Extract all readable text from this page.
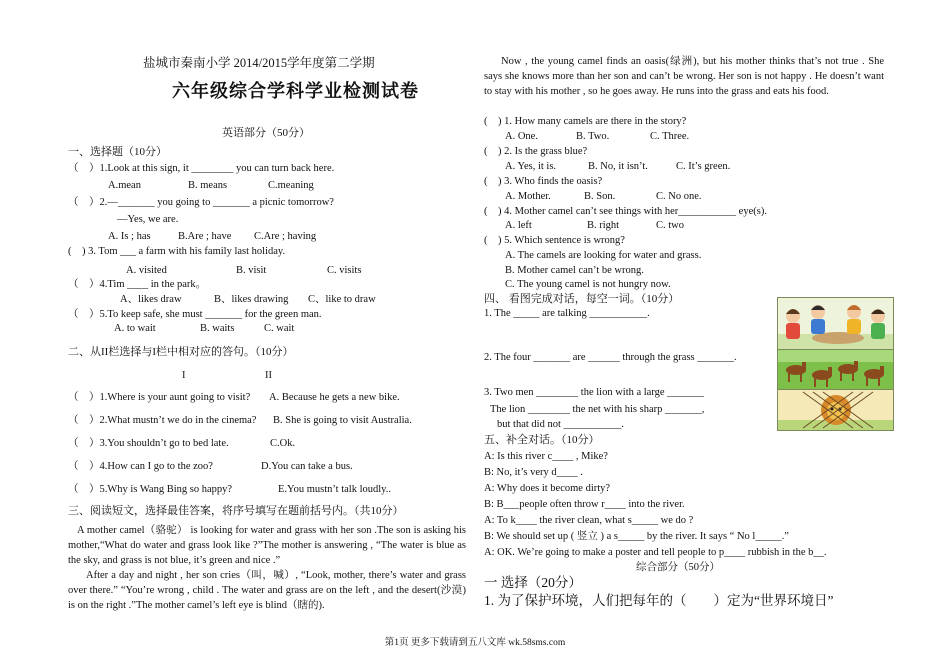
盐城市秦南小学 2014/2015学年度第二学期
六年级综合学科学业检测试卷
英语部分（50分）
一、选择题（10分）
（　）1.Look at this sign, it ________ you can turn back here.
A.mean	B. means	C.meaning
（　）2.—_______ you going to _______ a picnic tomorrow?
—Yes, we are.
A. Is ; has	B.Are ; have C.Are ; having
(　) 3. Tom ___ a farm with his family last holiday.
A. visited	B. visit	C. visits
（　）4.Tim ____ in the park。
A、likes draw	B、likes drawing C、like to draw
（　）5.To keep safe, she must _______ for the green man.
A. to wait	B. waits	C. wait
二、从II栏选择与I栏中相对应的答句。（10分）
I	II
（　）1.Where is your aunt going to visit? A. Because he gets a new bike.
（　）2.What mustn’t we do in the cinema? B. She is going to visit Australia.
（　）3.You shouldn’t go to bed late.	C.Ok.
（　）4.How can I go to the zoo?	D.You can take a bus.
（　）5.Why is Wang Bing so happy?	E.You mustn’t talk loudly..
三、阅读短文，选择最佳答案，将序号填写在题前括号内。（共10分）
A mother camel（骆驼） is looking for water and grass with her son .The son is asking his mother,“What do water and grass look like ?”The mother is answering , “The water is blue as the sky, and grass is not blue, it’s green and nice .”
After a day and night , her son cries（叫，喊）, “Look, mother, there’s water and grass over there.” “You’re wrong , child . The water and grass are on the left , and the desert(沙漠) is on the right .”The mother camel’s left eye is blind（瞎的).
Now , the young camel finds an oasis(绿洲), but his mother thinks that’s not true . She says she knows more than her son and can’t be wrong. Her son is not happy . He doesn’t want to stay with his mother , so he goes away. He runs into the grass and eats his food.
(　) 1. How many camels are there in the story?
A. One.	B. Two.	C. Three.
(　) 2. Is the grass blue?
A. Yes, it is.	B. No, it isn’t.	C. It’s green.
(　) 3. Who finds the oasis?
A. Mother.	B. Son.	C. No one.
(　) 4. Mother camel can’t see things with her___________ eye(s).
A. left	B. right	C. two
(　) 5. Which sentence is wrong?
A. The camels are looking for water and grass.
B. Mother camel can’t be wrong.
C. The young camel is not hungry now.
四、 看图完成对话，每空一词。（10分）
1. The _____ are talking ___________.
2. The four _______ are ______ through the grass _______.
3. Two men ________ the lion with a large _______
The lion ________ the net with his sharp _______,
but that did not ___________.
五、补全对话。（10分）
A: Is this river c____ , Mike?
B: No, it’s very d____ .
A: Why does it become dirty?
B: B___people often throw r____ into the river.
A: To k____ the river clean, what s_____ we do ?
B: We should set up ( 竖立 ) a s_____ by the river. It says “ No l_____.”
A: OK. We’re going to make a poster and tell people to p____ rubbish in the b__.
综合部分（50分）
一 选择（20分）
1. 为了保护环境，人们把每年的（　　）定为“世界环境日”
第1页 更多下载请到五八文库 wk.58sms.com
